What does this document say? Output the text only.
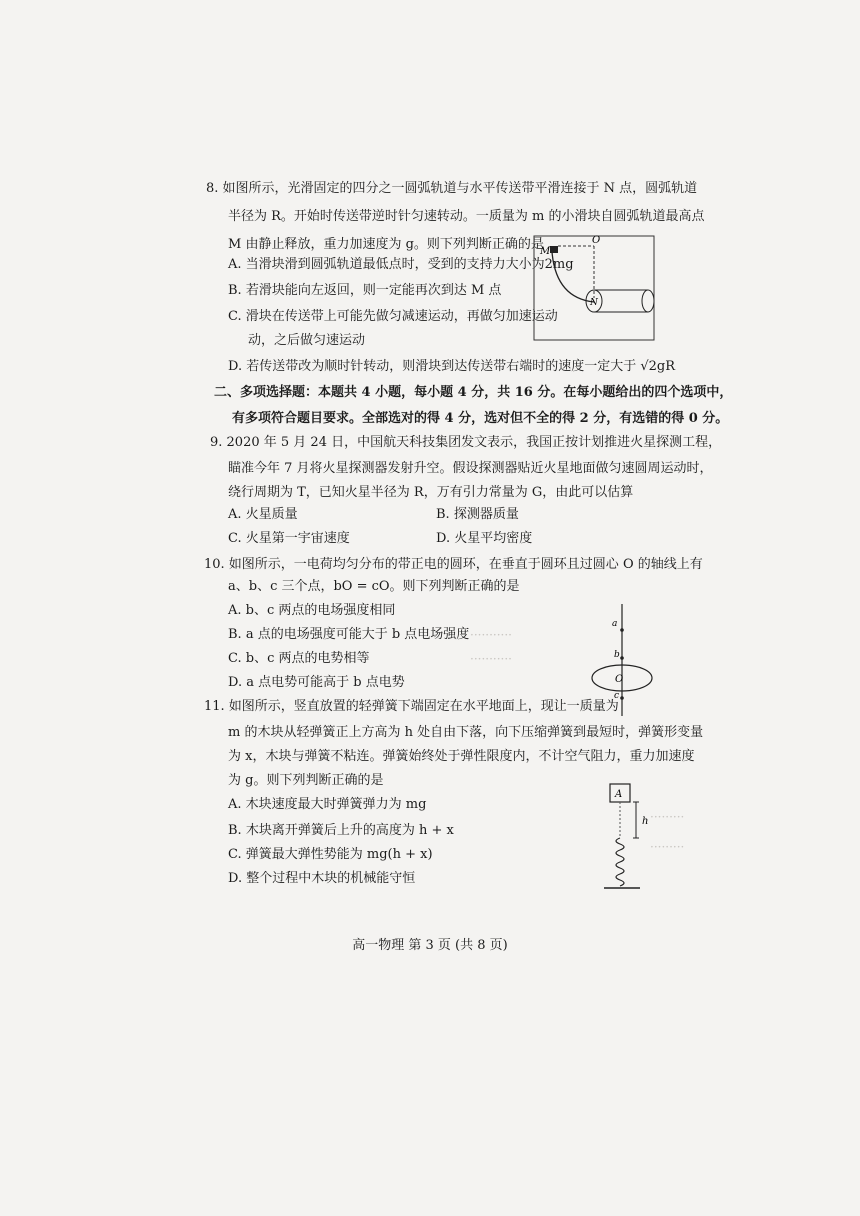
···········
···········
·········
·········
8. 如图所示，光滑固定的四分之一圆弧轨道与水平传送带平滑连接于 N 点，圆弧轨道
半径为 R。开始时传送带逆时针匀速转动。一质量为 m 的小滑块自圆弧轨道最高点
M 由静止释放，重力加速度为 g。则下列判断正确的是
A. 当滑块滑到圆弧轨道最低点时，受到的支持力大小为2mg
B. 若滑块能向左返回，则一定能再次到达 M 点
C. 滑块在传送带上可能先做匀减速运动，再做匀加速运动
动，之后做匀速运动
D. 若传送带改为顺时针转动，则滑块到达传送带右端时的速度一定大于 √2gR
M
O
N
二、多项选择题：本题共 4 小题，每小题 4 分，共 16 分。在每小题给出的四个选项中，
有多项符合题目要求。全部选对的得 4 分，选对但不全的得 2 分，有选错的得 0 分。
9. 2020 年 5 月 24 日，中国航天科技集团发文表示，我国正按计划推进火星探测工程，
瞄准今年 7 月将火星探测器发射升空。假设探测器贴近火星地面做匀速圆周运动时，
绕行周期为 T，已知火星半径为 R，万有引力常量为 G，由此可以估算
A. 火星质量	B. 探测器质量
C. 火星第一宇宙速度	D. 火星平均密度
10. 如图所示，一电荷均匀分布的带正电的圆环，在垂直于圆环且过圆心 O 的轴线上有
a、b、c 三个点，bO = cO。则下列判断正确的是
A. b、c 两点的电场强度相同
B. a 点的电场强度可能大于 b 点电场强度
C. b、c 两点的电势相等
D. a 点电势可能高于 b 点电势
a
b
O
c
11. 如图所示，竖直放置的轻弹簧下端固定在水平地面上，现让一质量为
m 的木块从轻弹簧正上方高为 h 处自由下落，向下压缩弹簧到最短时，弹簧形变量
为 x，木块与弹簧不粘连。弹簧始终处于弹性限度内，不计空气阻力，重力加速度
为 g。则下列判断正确的是
A. 木块速度最大时弹簧弹力为 mg
B. 木块离开弹簧后上升的高度为 h + x
C. 弹簧最大弹性势能为 mg(h + x)
D. 整个过程中木块的机械能守恒
A
h
高一物理 第 3 页 (共 8 页)
